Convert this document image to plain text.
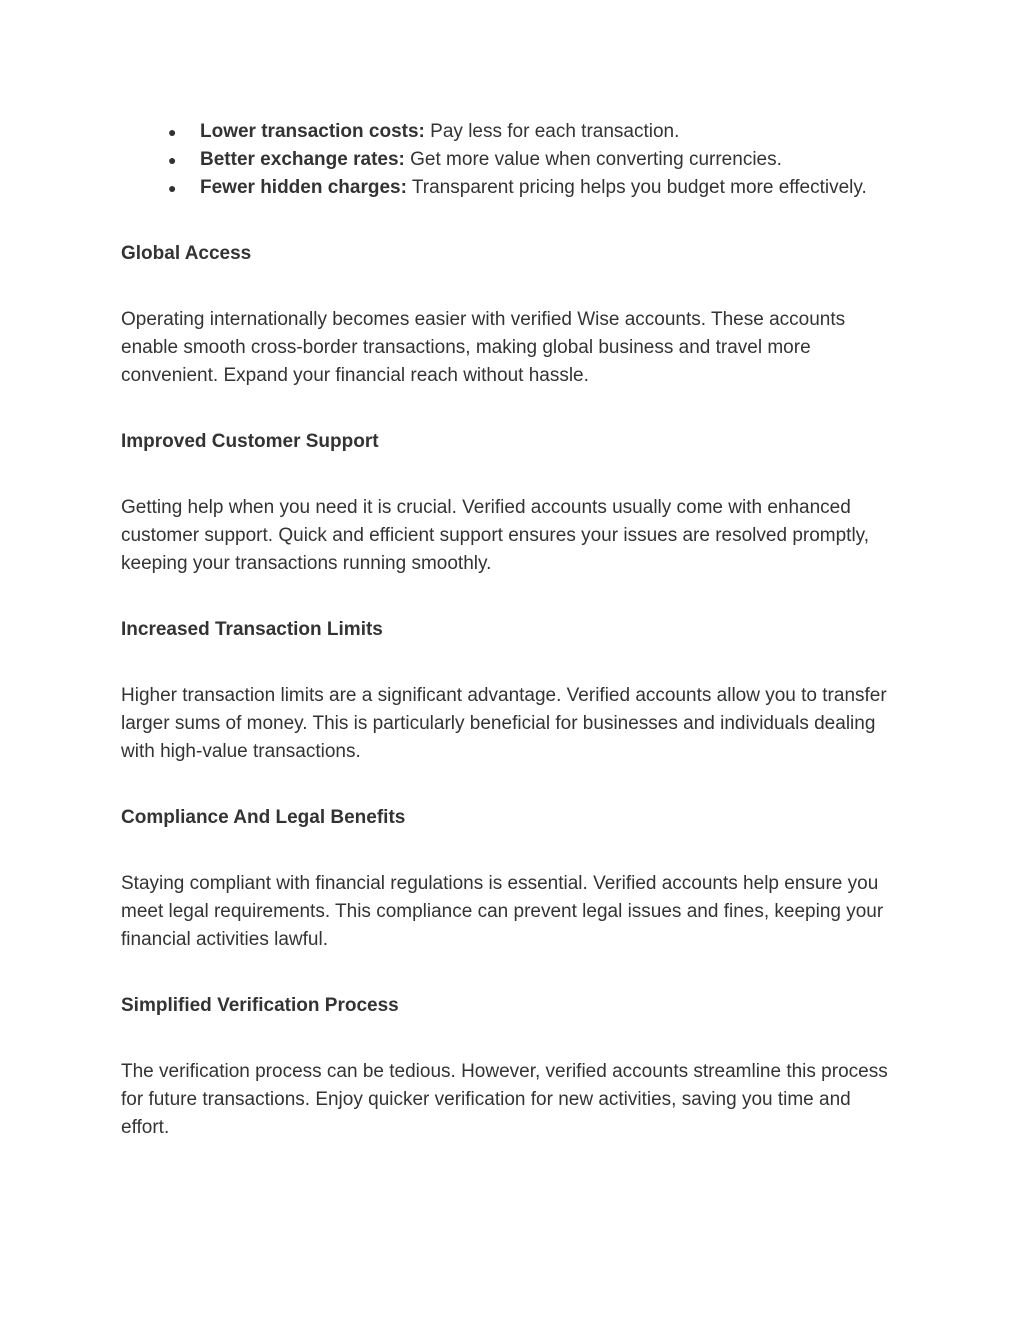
● Lower transaction costs: Pay less for each transaction.
● Better exchange rates: Get more value when converting currencies.
● Fewer hidden charges: Transparent pricing helps you budget more effectively.
Global Access

Operating internationally becomes easier with verified Wise accounts. These accounts enable smooth cross-border transactions, making global business and travel more convenient. Expand your financial reach without hassle.

Improved Customer Support

Getting help when you need it is crucial. Verified accounts usually come with enhanced customer support. Quick and efficient support ensures your issues are resolved promptly, keeping your transactions running smoothly.

Increased Transaction Limits

Higher transaction limits are a significant advantage. Verified accounts allow you to transfer larger sums of money. This is particularly beneficial for businesses and individuals dealing with high-value transactions.

Compliance And Legal Benefits

Staying compliant with financial regulations is essential. Verified accounts help ensure you meet legal requirements. This compliance can prevent legal issues and fines, keeping your financial activities lawful.

Simplified Verification Process

The verification process can be tedious. However, verified accounts streamline this process for future transactions. Enjoy quicker verification for new activities, saving you time and effort.
